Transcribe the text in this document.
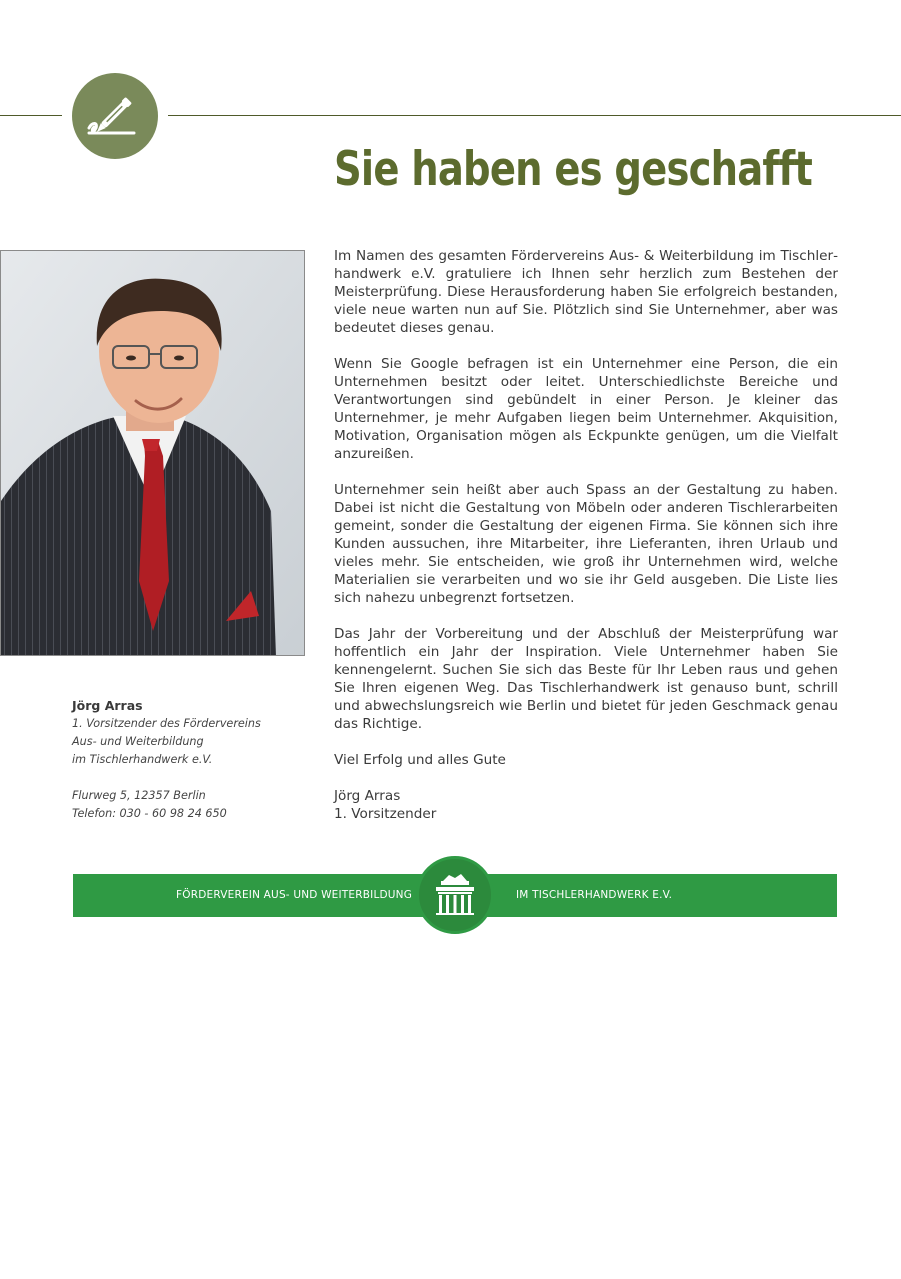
Sie haben es geschafft

Im Namen des gesamten Fördervereins Aus- & Weiterbildung im Tischlerhandwerk e.V. gratuliere ich Ihnen sehr herzlich zum Bestehen der Meisterprüfung. Diese Herausforderung haben Sie erfolgreich bestanden, viele neue warten nun auf Sie. Plötzlich sind Sie Unternehmer, aber was bedeutet dieses genau.

Wenn Sie Google befragen ist ein Unternehmer eine Person, die ein Unternehmen besitzt oder leitet. Unterschiedlichste Bereiche und Verantwortungen sind gebündelt in einer Person. Je kleiner das Unternehmer, je mehr Aufgaben liegen beim Unternehmer. Akquisition, Motivation, Organisation mögen als Eckpunkte genügen, um die Vielfalt anzureißen.

Unternehmer sein heißt aber auch Spass an der Gestaltung zu haben. Dabei ist nicht die Gestaltung von Möbeln oder anderen Tischlerarbeiten gemeint, sonder die Gestaltung der eigenen Firma. Sie können sich ihre Kunden aussuchen, ihre Mitarbeiter, ihre Lieferanten, ihren Urlaub und vieles mehr. Sie entscheiden, wie groß ihr Unternehmen wird, welche Materialien sie verarbeiten und wo sie ihr Geld ausgeben. Die Liste lies sich nahezu unbegrenzt fortsetzen.

Das Jahr der Vorbereitung und der Abschluß der Meisterprüfung war hoffentlich ein Jahr der Inspiration. Viele Unternehmer haben Sie kennengelernt. Suchen Sie sich das Beste für Ihr Leben raus und gehen Sie Ihren eigenen Weg. Das Tischlerhandwerk ist genauso bunt, schrill und abwechslungsreich wie Berlin und bietet für jeden Geschmack genau das Richtige.

Viel Erfolg und alles Gute

Jörg Arras
1. Vorsitzender

Jörg Arras
1. Vorsitzender des Fördervereins
Aus- und Weiterbildung
im Tischlerhandwerk e.V.
Flurweg 5, 12357 Berlin
Telefon: 030 - 60 98 24 650
FÖRDERVEREIN AUS- UND WEITERBILDUNG	IM TISCHLERHANDWERK E.V.
